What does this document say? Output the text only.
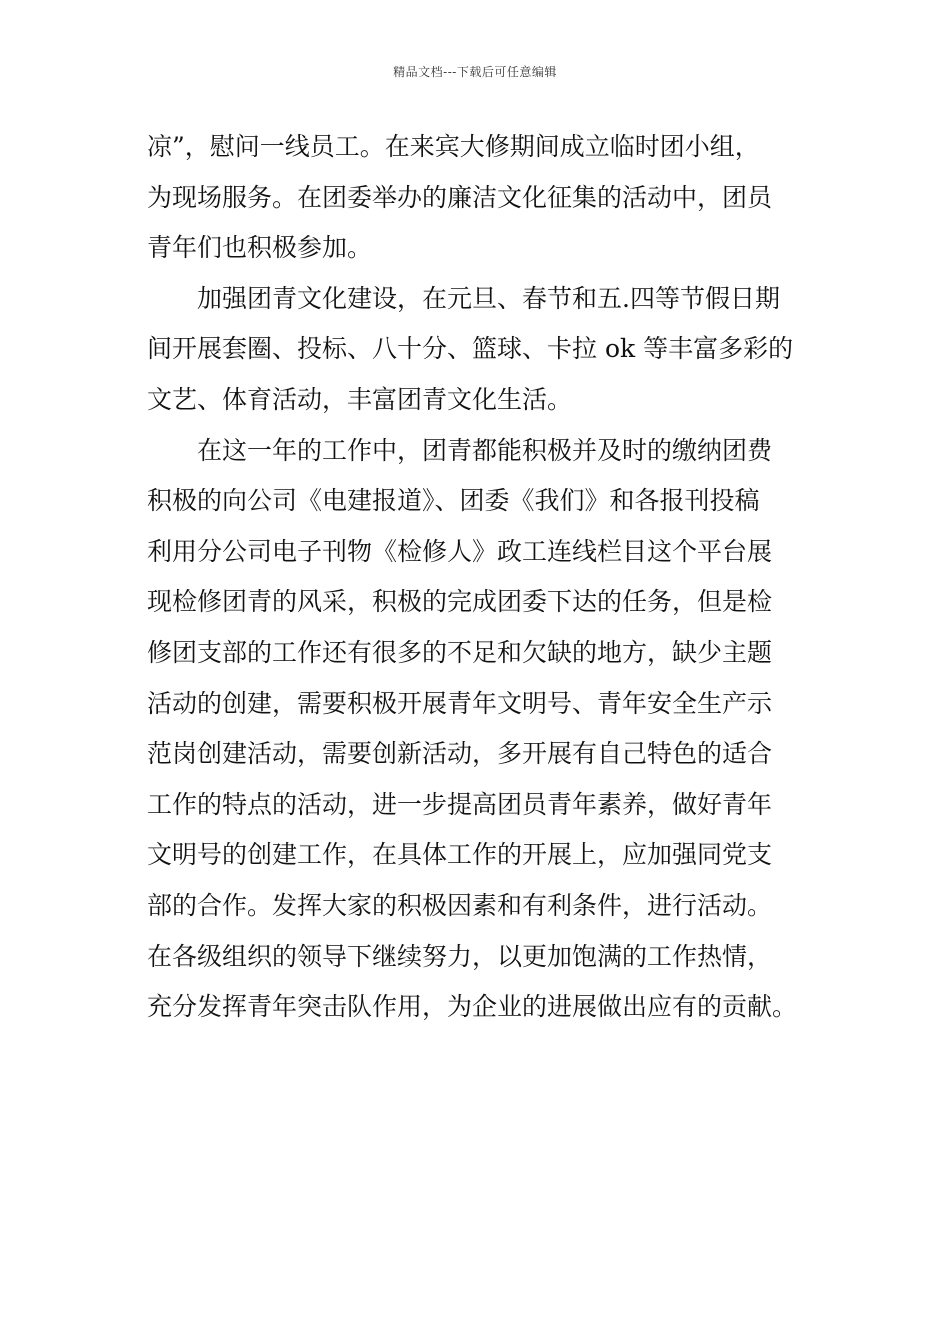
精品文档---下载后可任意编辑
凉”，慰问一线员工。在来宾大修期间成立临时团小组，
为现场服务。在团委举办的廉洁文化征集的活动中，团员
青年们也积极参加。
加强团青文化建设，在元旦、春节和五.四等节假日期
间开展套圈、投标、八十分、篮球、卡拉 ok 等丰富多彩的
文艺、体育活动，丰富团青文化生活。
在这一年的工作中，团青都能积极并及时的缴纳团费
积极的向公司《电建报道》、团委《我们》和各报刊投稿
利用分公司电子刊物《检修人》政工连线栏目这个平台展
现检修团青的风采，积极的完成团委下达的任务，但是检
修团支部的工作还有很多的不足和欠缺的地方，缺少主题
活动的创建，需要积极开展青年文明号、青年安全生产示
范岗创建活动，需要创新活动，多开展有自己特色的适合
工作的特点的活动，进一步提高团员青年素养，做好青年
文明号的创建工作，在具体工作的开展上，应加强同党支
部的合作。发挥大家的积极因素和有利条件，进行活动。
在各级组织的领导下继续努力，以更加饱满的工作热情，
充分发挥青年突击队作用，为企业的进展做出应有的贡献。
